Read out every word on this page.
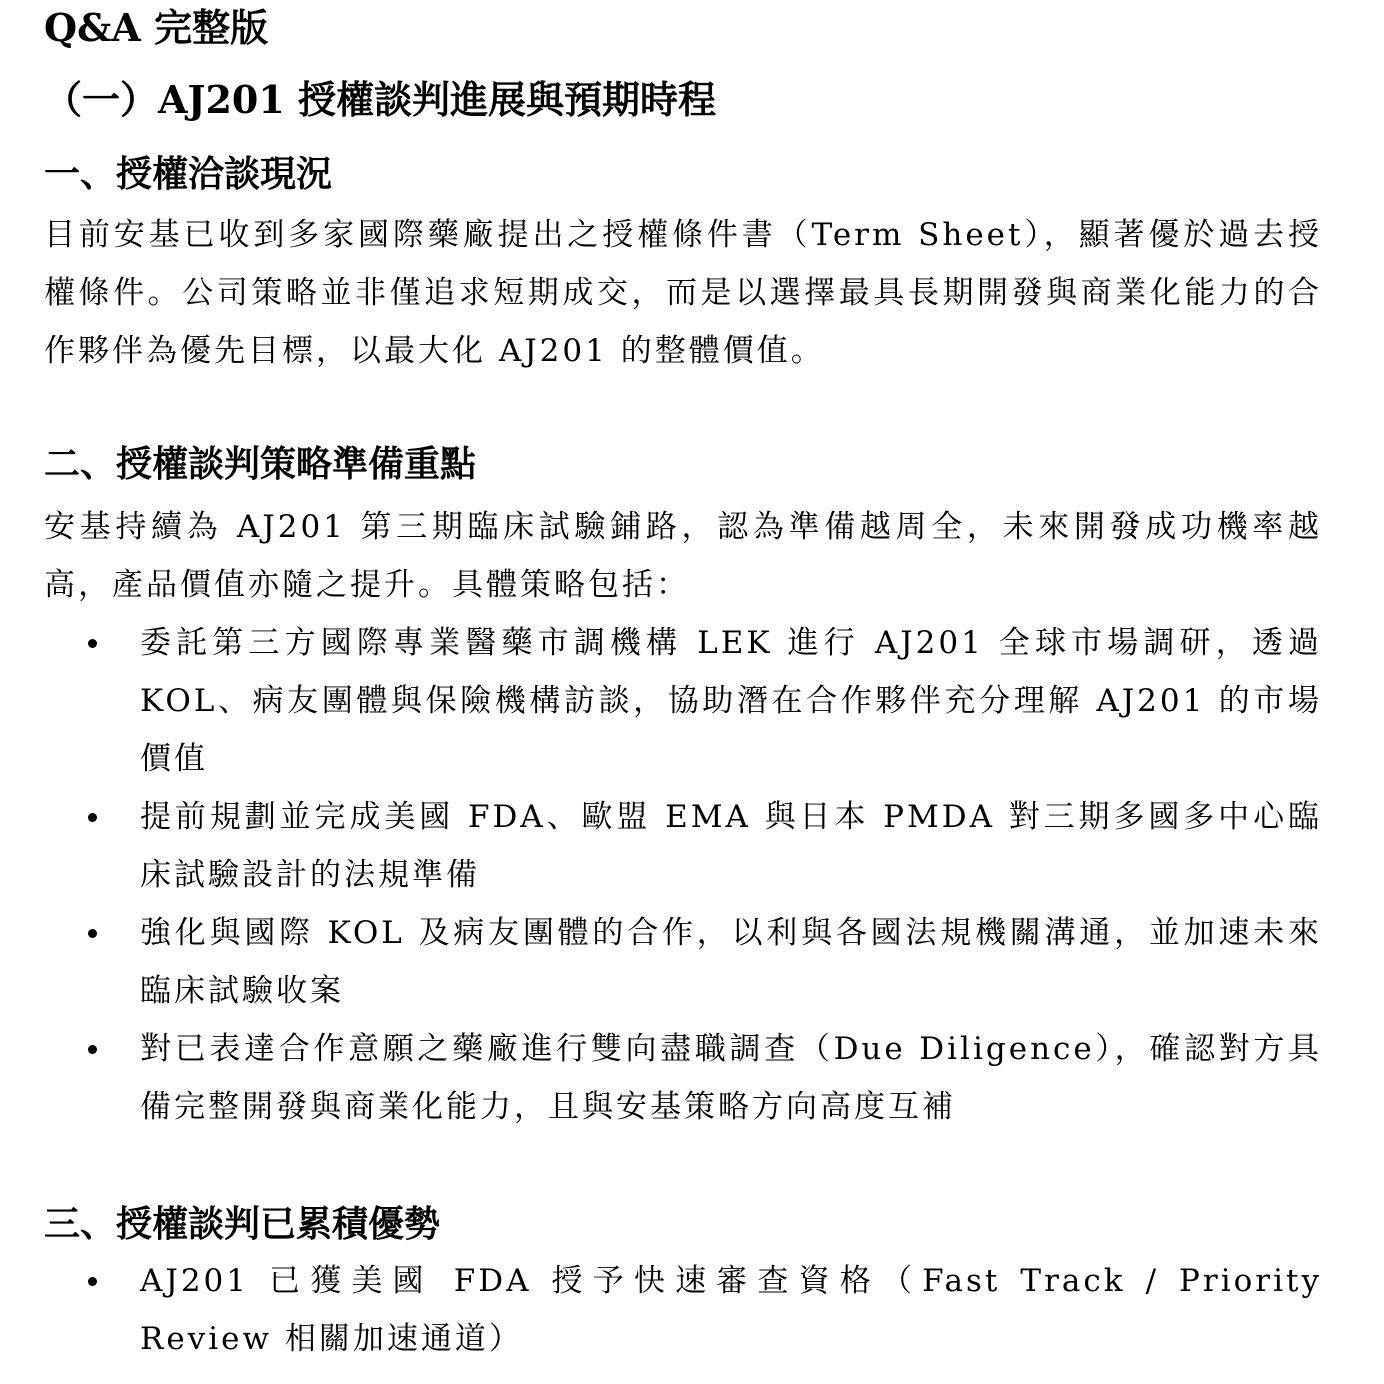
Q&A 完整版
（一）AJ201 授權談判進展與預期時程
一、授權洽談現況

目前安基已收到多家國際藥廠提出之授權條件書（Term Sheet），顯著優於過去授權條件。公司策略並非僅追求短期成交，而是以選擇最具長期開發與商業化能力的合作夥伴為優先目標，以最大化 AJ201 的整體價值。

二、授權談判策略準備重點

安基持續為 AJ201 第三期臨床試驗鋪路，認為準備越周全，未來開發成功機率越高，產品價值亦隨之提升。具體策略包括：

委託第三方國際專業醫藥市調機構 LEK 進行 AJ201 全球市場調研，透過 KOL、病友團體與保險機構訪談，協助潛在合作夥伴充分理解 AJ201 的市場價值
提前規劃並完成美國 FDA、歐盟 EMA 與日本 PMDA 對三期多國多中心臨床試驗設計的法規準備
強化與國際 KOL 及病友團體的合作，以利與各國法規機關溝通，並加速未來臨床試驗收案
對已表達合作意願之藥廠進行雙向盡職調查（Due Diligence），確認對方具備完整開發與商業化能力，且與安基策略方向高度互補
三、授權談判已累積優勢
AJ201 已獲美國 FDA 授予快速審查資格（Fast Track / Priority Review 相關加速通道）
